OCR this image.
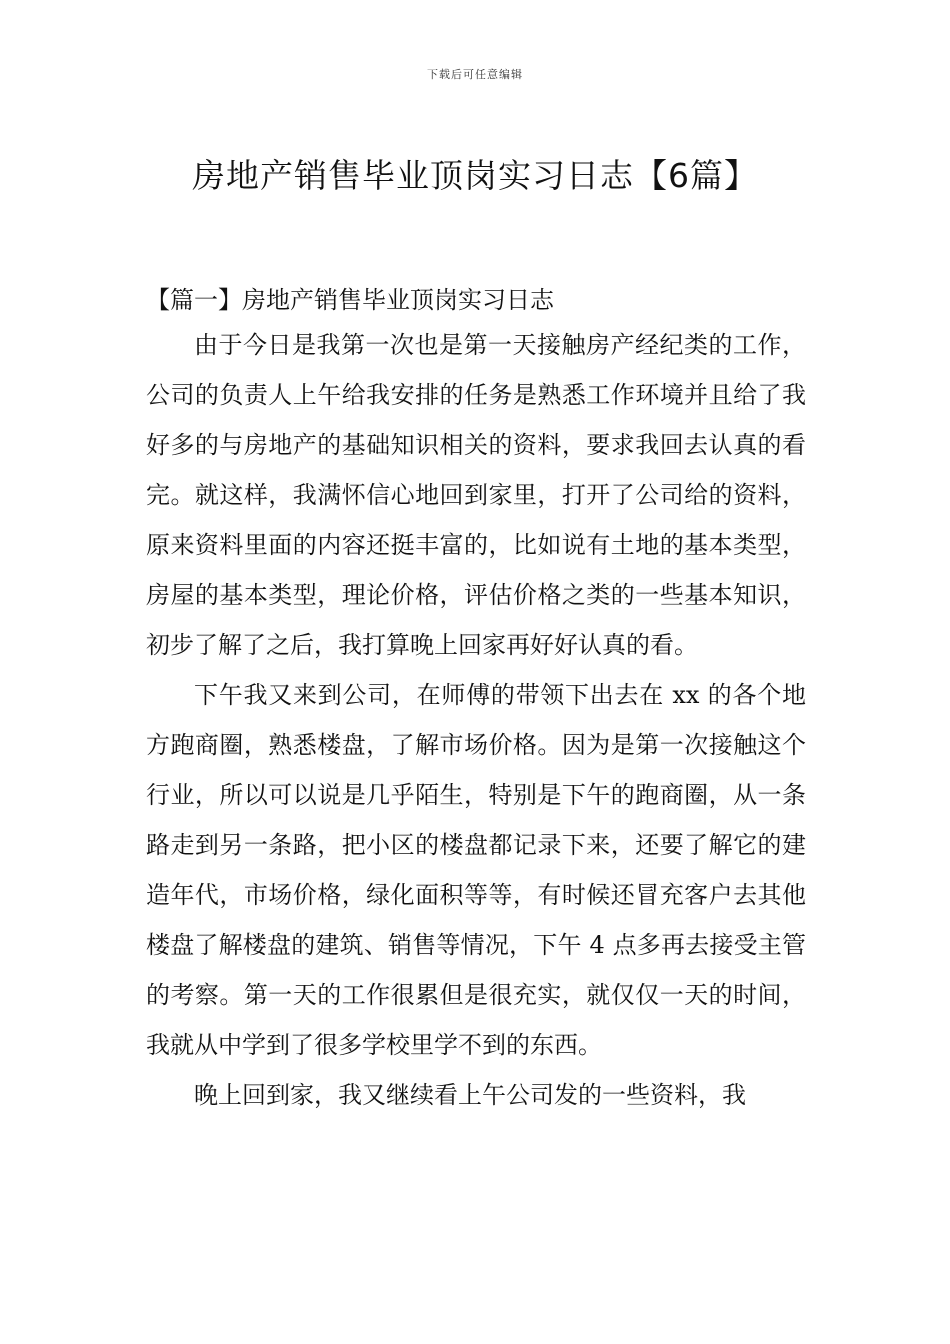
下载后可任意编辑
房地产销售毕业顶岗实习日志【6篇】
【篇一】房地产销售毕业顶岗实习日志

由于今日是我第一次也是第一天接触房产经纪类的工作，公司的负责人上午给我安排的任务是熟悉工作环境并且给了我好多的与房地产的基础知识相关的资料，要求我回去认真的看完。就这样，我满怀信心地回到家里，打开了公司给的资料，原来资料里面的内容还挺丰富的，比如说有土地的基本类型，房屋的基本类型，理论价格，评估价格之类的一些基本知识，初步了解了之后，我打算晚上回家再好好认真的看。

下午我又来到公司，在师傅的带领下出去在 xx 的各个地方跑商圈，熟悉楼盘，了解市场价格。因为是第一次接触这个行业，所以可以说是几乎陌生，特别是下午的跑商圈，从一条路走到另一条路，把小区的楼盘都记录下来，还要了解它的建造年代，市场价格，绿化面积等等，有时候还冒充客户去其他楼盘了解楼盘的建筑、销售等情况，下午 4 点多再去接受主管的考察。第一天的工作很累但是很充实，就仅仅一天的时间，我就从中学到了很多学校里学不到的东西。

晚上回到家，我又继续看上午公司发的一些资料，我
